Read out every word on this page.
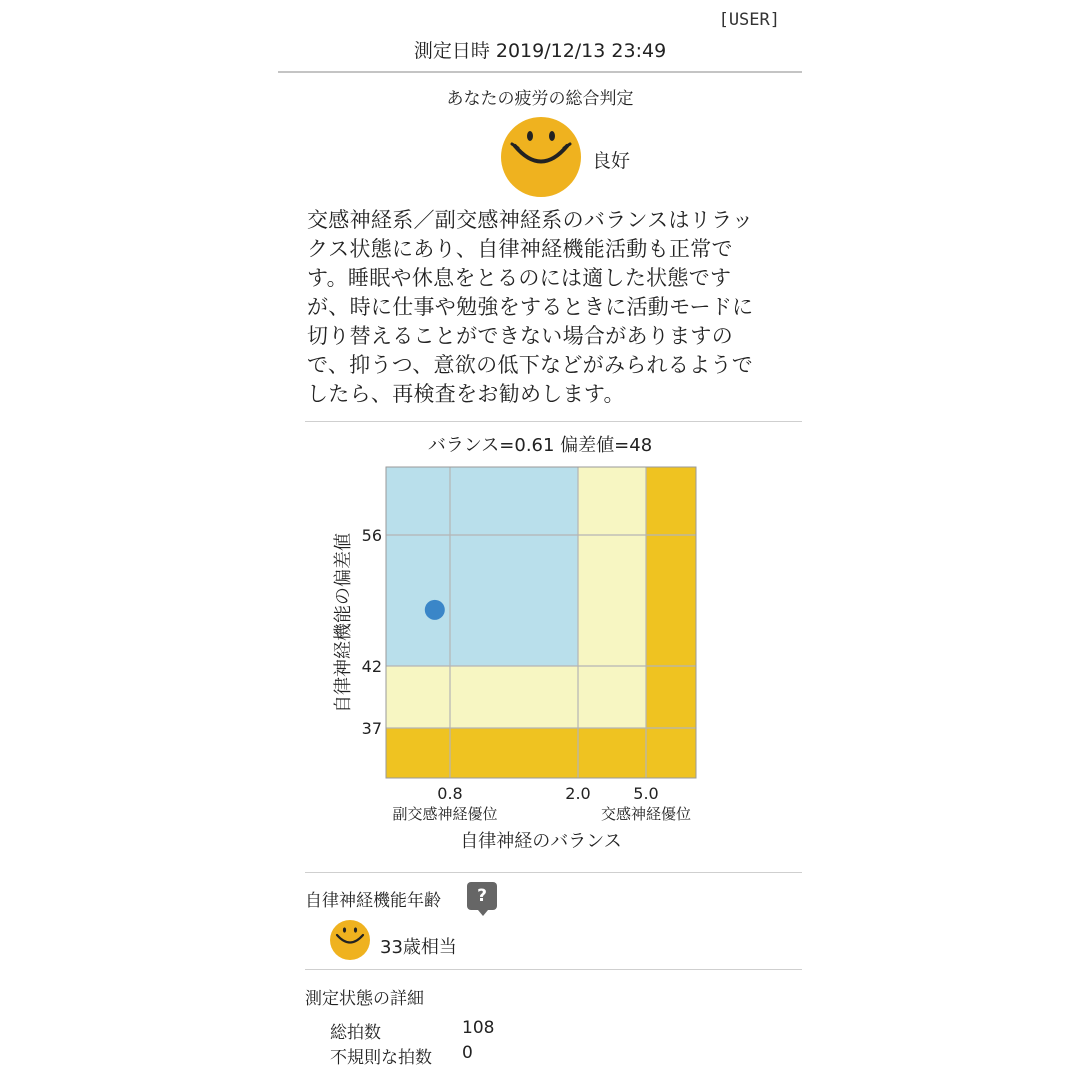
[USER]
測定日時 2019/12/13 23:49
あなたの疲労の総合判定
良好
交感神経系／副交感神経系のバランスはリラッ
クス状態にあり、自律神経機能活動も正常で
す。睡眠や休息をとるのには適した状態です
が、時に仕事や勉強をするときに活動モードに
切り替えることができない場合がありますの
で、抑うつ、意欲の低下などがみられるようで
したら、再検査をお勧めします。
バランス=0.61 偏差値=48
56
42
37
0.8	2.0	5.0
副交感神経優位	交感神経優位
自律神経のバランス
自律神経機能の偏差値
自律神経機能年齢	?
33歳相当
測定状態の詳細
総拍数	108
不規則な拍数 0
